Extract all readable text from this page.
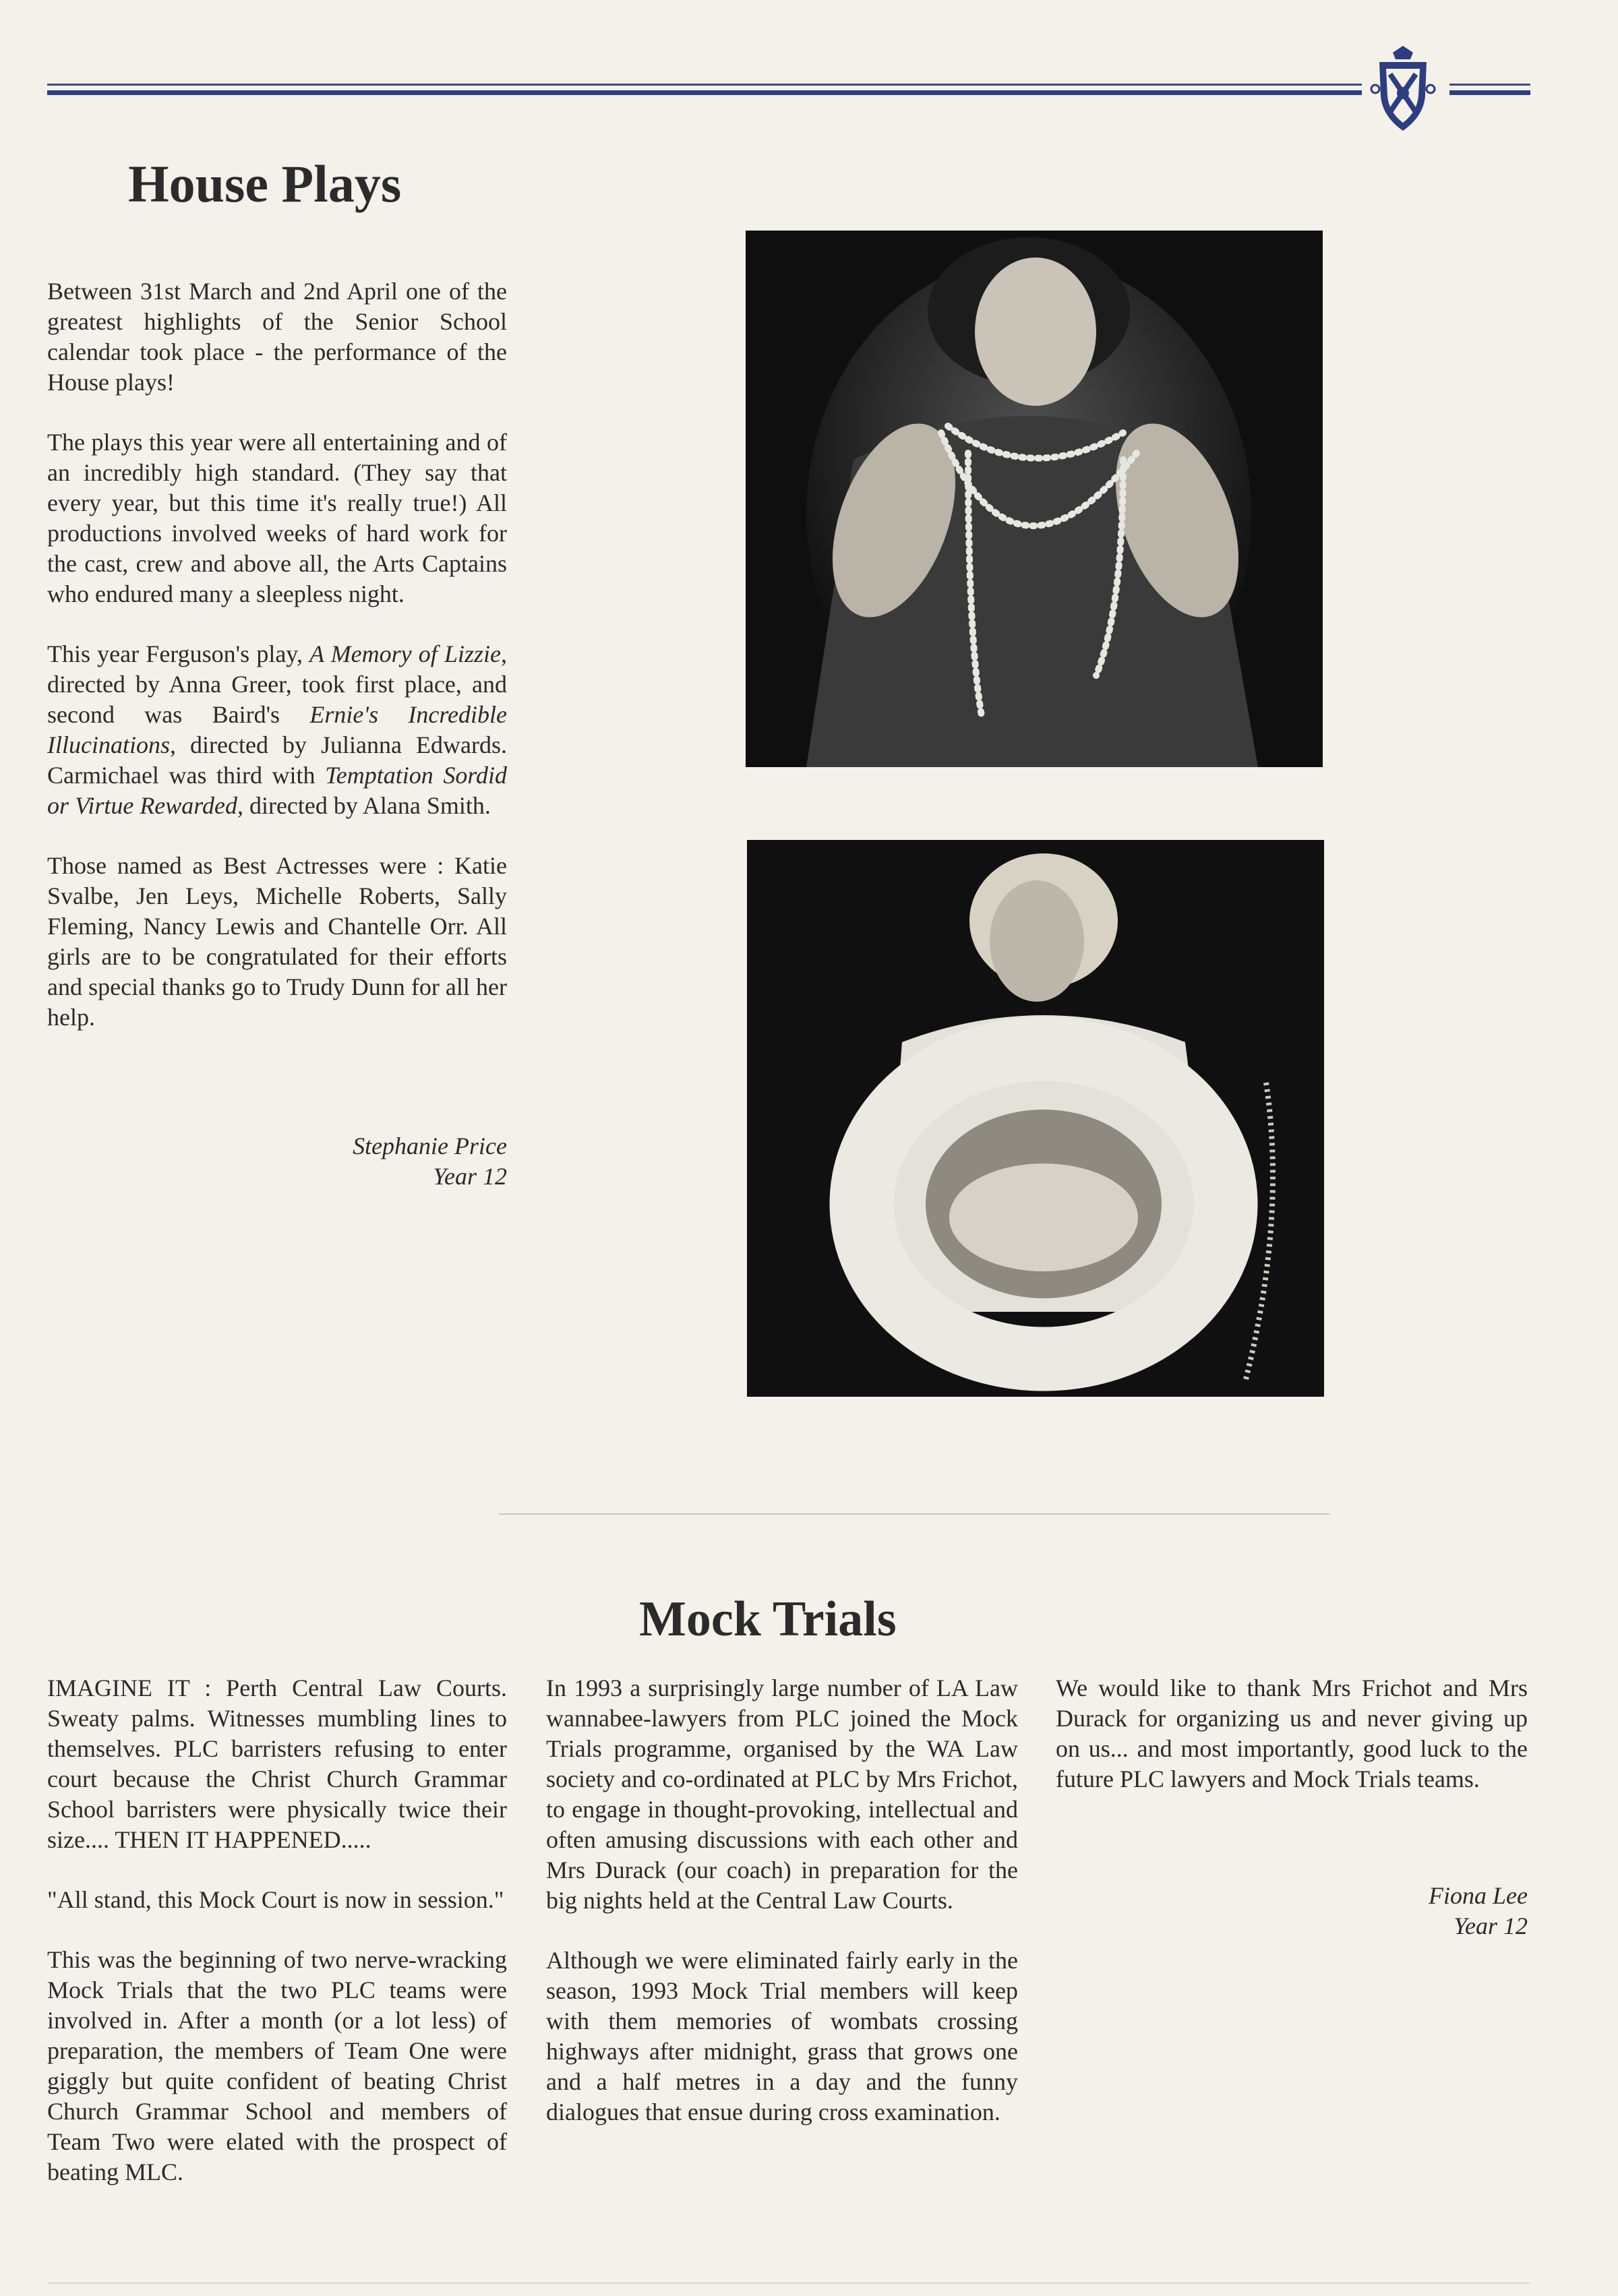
House Plays

Between 31st March and 2nd April one of the greatest highlights of the Senior School calendar took place - the performance of the House plays!

The plays this year were all entertaining and of an incredibly high standard. (They say that every year, but this time it's really true!) All productions involved weeks of hard work for the cast, crew and above all, the Arts Captains who endured many a sleepless night.

This year Ferguson's play, A Memory of Lizzie, directed by Anna Greer, took first place, and second was Baird's Ernie's Incredible Illucinations, directed by Julianna Edwards. Carmichael was third with Temptation Sordid or Virtue Rewarded, directed by Alana Smith.

Those named as Best Actresses were : Katie Svalbe, Jen Leys, Michelle Roberts, Sally Fleming, Nancy Lewis and Chantelle Orr. All girls are to be congratulated for their efforts and special thanks go to Trudy Dunn for all her help.

Stephanie Price
Year 12
Mock Trials

IMAGINE IT : Perth Central Law Courts. Sweaty palms. Witnesses mumbling lines to themselves. PLC barristers refusing to enter court because the Christ Church Grammar School barristers were physically twice their size.... THEN IT HAPPENED.....

"All stand, this Mock Court is now in session."

This was the beginning of two nerve-wracking Mock Trials that the two PLC teams were involved in. After a month (or a lot less) of preparation, the members of Team One were giggly but quite confident of beating Christ Church Grammar School and members of Team Two were elated with the prospect of beating MLC.

In 1993 a surprisingly large number of LA Law wannabee-lawyers from PLC joined the Mock Trials programme, organised by the WA Law society and co-ordinated at PLC by Mrs Frichot, to engage in thought-provoking, intellectual and often amusing discussions with each other and Mrs Durack (our coach) in preparation for the big nights held at the Central Law Courts.

Although we were eliminated fairly early in the season, 1993 Mock Trial members will keep with them memories of wombats crossing highways after midnight, grass that grows one and a half metres in a day and the funny dialogues that ensue during cross examination.

We would like to thank Mrs Frichot and Mrs Durack for organizing us and never giving up on us... and most importantly, good luck to the future PLC lawyers and Mock Trials teams.

Fiona Lee
Year 12
